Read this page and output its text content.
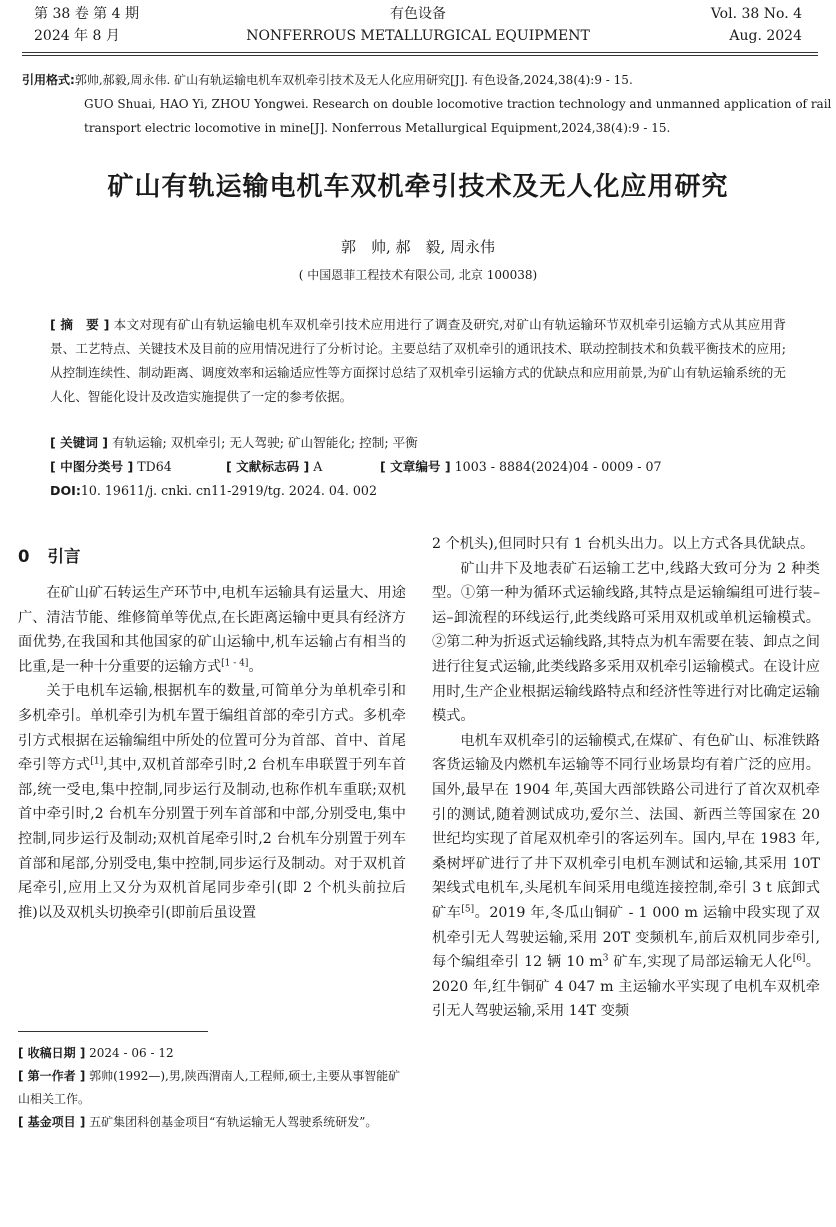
第 38 卷 第 4 期
2024 年 8 月
有色设备
NONFERROUS METALLURGICAL EQUIPMENT
Vol. 38 No. 4
Aug. 2024
引用格式:郭帅,郝毅,周永伟. 矿山有轨运输电机车双机牵引技术及无人化应用研究[J]. 有色设备,2024,38(4):9 - 15.
GUO Shuai, HAO Yi, ZHOU Yongwei. Research on double locomotive traction technology and unmanned application of rail
transport electric locomotive in mine[J]. Nonferrous Metallurgical Equipment,2024,38(4):9 - 15.
矿山有轨运输电机车双机牵引技术及无人化应用研究
郭　帅, 郝　毅, 周永伟
( 中国恩菲工程技术有限公司, 北京 100038)
[ 摘　要 ] 本文对现有矿山有轨运输电机车双机牵引技术应用进行了调查及研究,对矿山有轨运输环节双机牵引运输方式从其应用背景、工艺特点、关键技术及目前的应用情况进行了分析讨论。主要总结了双机牵引的通讯技术、联动控制技术和负载平衡技术的应用;从控制连续性、制动距离、调度效率和运输适应性等方面探讨总结了双机牵引运输方式的优缺点和应用前景,为矿山有轨运输系统的无人化、智能化设计及改造实施提供了一定的参考依据。
[ 关键词 ] 有轨运输; 双机牵引; 无人驾驶; 矿山智能化; 控制; 平衡
[ 中图分类号 ] TD64	[ 文献标志码 ] A	[ 文章编号 ] 1003 - 8884(2024)04 - 0009 - 07
DOI:10. 19611/j. cnki. cn11-2919/tg. 2024. 04. 002
0 引言

在矿山矿石转运生产环节中,电机车运输具有运量大、用途广、清洁节能、维修简单等优点,在长距离运输中更具有经济方面优势,在我国和其他国家的矿山运输中,机车运输占有相当的比重,是一种十分重要的运输方式[1 - 4]。

关于电机车运输,根据机车的数量,可简单分为单机牵引和多机牵引。单机牵引为机车置于编组首部的牵引方式。多机牵引方式根据在运输编组中所处的位置可分为首部、首中、首尾牵引等方式[1],其中,双机首部牵引时,2 台机车串联置于列车首部,统一受电,集中控制,同步运行及制动,也称作机车重联;双机首中牵引时,2 台机车分别置于列车首部和中部,分别受电,集中控制,同步运行及制动;双机首尾牵引时,2 台机车分别置于列车首部和尾部,分别受电,集中控制,同步运行及制动。对于双机首尾牵引,应用上又分为双机首尾同步牵引(即 2 个机头前拉后推)以及双机头切换牵引(即前后虽设置

[ 收稿日期 ] 2024 - 06 - 12
[ 第一作者 ] 郭帅(1992—),男,陕西渭南人,工程师,硕士,主要从事智能矿山相关工作。
[ 基金项目 ] 五矿集团科创基金项目“有轨运输无人驾驶系统研发”。

2 个机头),但同时只有 1 台机头出力。以上方式各具优缺点。

矿山井下及地表矿石运输工艺中,线路大致可分为 2 种类型。①第一种为循环式运输线路,其特点是运输编组可进行装–运–卸流程的环线运行,此类线路可采用双机或单机运输模式。②第二种为折返式运输线路,其特点为机车需要在装、卸点之间进行往复式运输,此类线路多采用双机牵引运输模式。在设计应用时,生产企业根据运输线路特点和经济性等进行对比确定运输模式。

电机车双机牵引的运输模式,在煤矿、有色矿山、标准铁路客货运输及内燃机车运输等不同行业场景均有着广泛的应用。国外,最早在 1904 年,英国大西部铁路公司进行了首次双机牵引的测试,随着测试成功,爱尔兰、法国、新西兰等国家在 20 世纪均实现了首尾双机牵引的客运列车。国内,早在 1983 年,桑树坪矿进行了井下双机牵引电机车测试和运输,其采用 10T 架线式电机车,头尾机车间采用电缆连接控制,牵引 3 t 底卸式矿车[5]。2019 年,冬瓜山铜矿 - 1 000 m 运输中段实现了双机牵引无人驾驶运输,采用 20T 变频机车,前后双机同步牵引,每个编组牵引 12 辆 10 $m^3$ 矿车,实现了局部运输无人化[6]。2020 年,红牛铜矿 4 047 m 主运输水平实现了电机车双机牵引无人驾驶运输,采用 14T 变频
